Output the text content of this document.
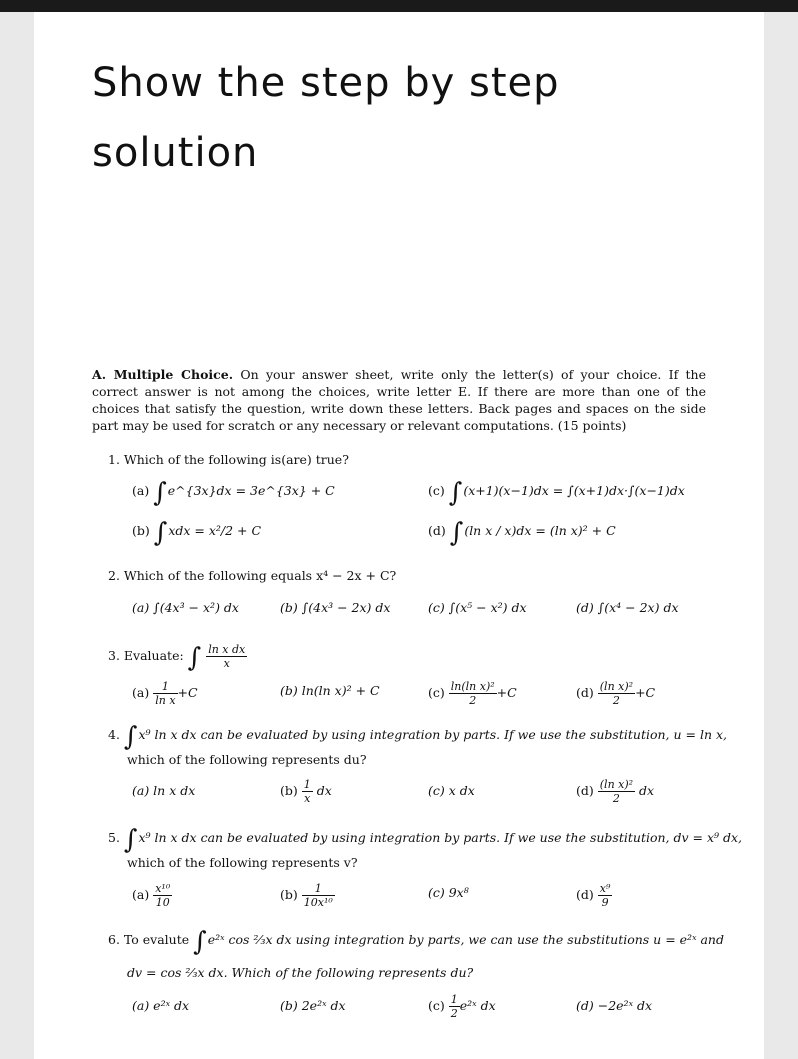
Show the step by step
solution
A. Multiple Choice. On your answer sheet, write only the letter(s) of your choice. If the correct answer is not among the choices, write letter E. If there are more than one of the choices that satisfy the question, write down these letters. Back pages and spaces on the side part may be used for scratch or any necessary or relevant computations. (15 points)
1. Which of the following is(are) true?
(a) ∫e^{3x}dx = 3e^{3x} + C
(b) ∫xdx = x²/2 + C
(c) ∫(x+1)(x−1)dx = ∫(x+1)dx·∫(x−1)dx
(d) ∫(ln x / x)dx = (ln x)² + C
2. Which of the following equals x⁴ − 2x + C?
(a) ∫(4x³ − x²) dx	(b) ∫(4x³ − 2x) dx	(c) ∫(x⁵ − x²) dx	(d) ∫(x⁴ − 2x) dx
3. Evaluate: ∫ $\frac{\text{ln x dx}}{x}$
$(a) \frac{1}{\text{ln x}} +C$	(b) ln(ln x)² + C	$(c) \frac{\text{ln(ln x)²}}{2} +C$	$(d) \frac{\text{(ln x)²}}{2} +C$
4. ∫x⁹ ln x dx can be evaluated by using integration by parts. If we use the substitution, u = ln x,
which of the following represents du?
(a) ln x dx	$(b) \frac{1}{x}$ dx	(c) x dx	$(d) \frac{\text{(ln x)²}}{2}$ dx
5. ∫x⁹ ln x dx can be evaluated by using integration by parts. If we use the substitution, dv = x⁹ dx,
which of the following represents v?
$(a) \frac{\text{x¹⁰}}{10}$	$(b) \frac{1}{\text{10x¹⁰}}$	(c) 9x⁸	$(d) \frac{\text{x⁹}}{9}$
6. To evalute ∫e²ˣ cos ⅔x dx using integration by parts, we can use the substitutions u = e²ˣ and
dv = cos ⅔x dx. Which of the following represents du?
(a) e²ˣ dx	(b) 2e²ˣ dx	$(c) \frac{1}{2}$ e²ˣ dx	(d) −2e²ˣ dx
